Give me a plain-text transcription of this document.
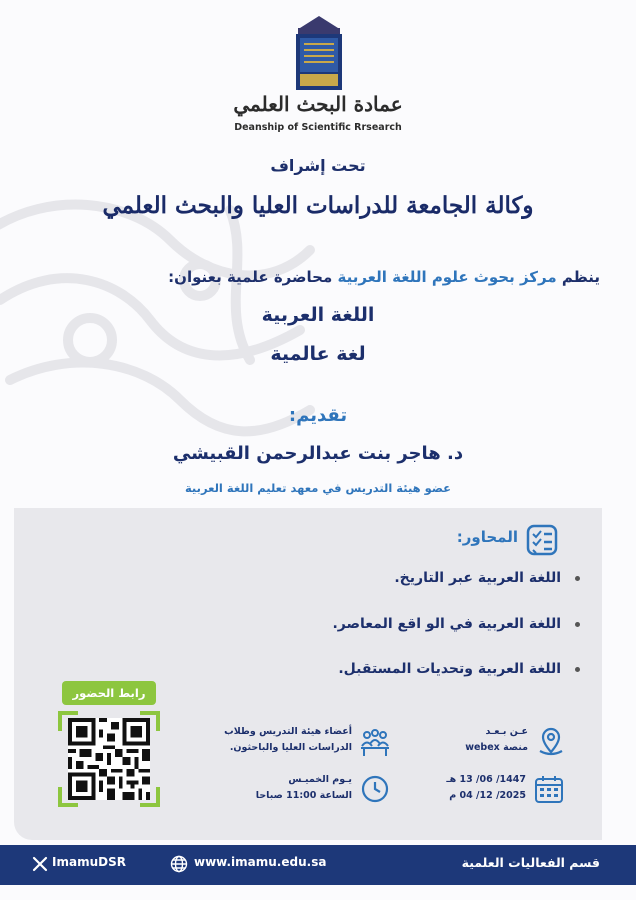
عمادة البحث العلمي
Deanship of Scientific Rrsearch
تحت إشراف
وكالة الجامعة للدراسات العليا والبحث العلمي
ينظم مركز بحوث علوم اللغة العربية محاضرة علمية بعنوان:
اللغة العربية
لغة عالمية
تقديم:
د. هاجر بنت عبدالرحمن القبيشي
عضو هيئة التدريس في معهد تعليم اللغة العربية
المحاور:
اللغة العربية عبر التاريخ.
اللغة العربية في الو اقع المعاصر.
اللغة العربية وتحديات المستقبل.
رابط الحضور
أعضاء هيئة التدريس وطلاب
الدراسات العليا والباحثون.
عـن بـعـد
منصة webex
يـوم الخميـس
الساعة 11:00 صباحا
1447/ 06/ 13 هـ
2025/ 12/ 04 م
قسم الفعاليات العلمية
www.imamu.edu.sa
ImamuDSR
